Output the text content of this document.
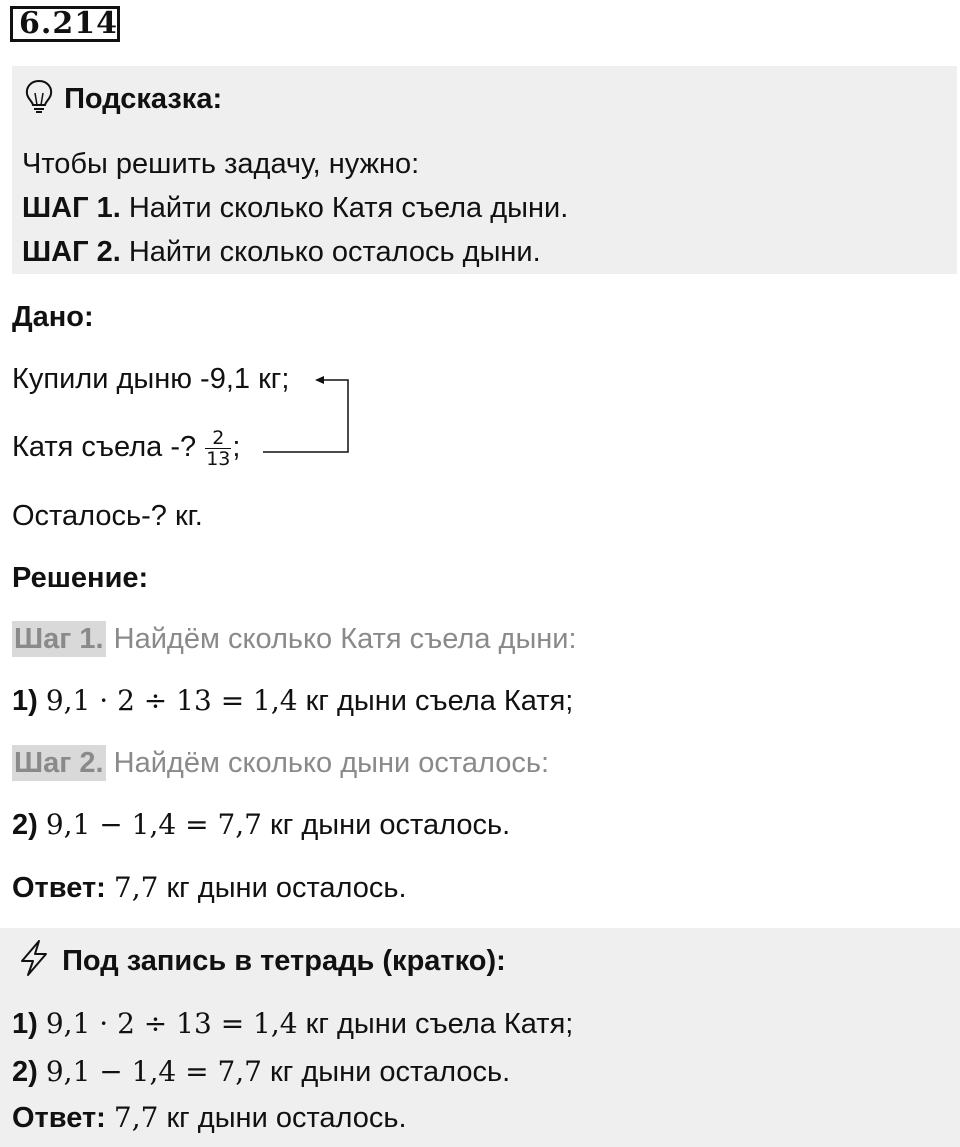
6.214
Подсказка:
Чтобы решить задачу, нужно:
ШАГ 1. Найти сколько Катя съела дыни.
ШАГ 2. Найти сколько осталось дыни.
Дано:
Купили дыню -9,1 кг;
Катя съела -? $\frac{2}{13}$ ;
Осталось-? кг.
Решение:
Шаг 1. Найдём сколько Катя съела дыни:
1) 9,1 · 2 ÷ 13 = 1,4 кг дыни съела Катя;
Шаг 2. Найдём сколько дыни осталось:
2) 9,1 − 1,4 = 7,7 кг дыни осталось.
Ответ: 7,7 кг дыни осталось.
Под запись в тетрадь (кратко):
1) 9,1 · 2 ÷ 13 = 1,4 кг дыни съела Катя;
2) 9,1 − 1,4 = 7,7 кг дыни осталось.
Ответ: 7,7 кг дыни осталось.
